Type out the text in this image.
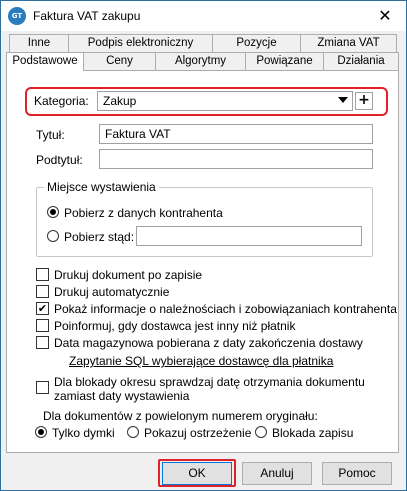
GT Faktura VAT zakupu	✕
Inne	Podpis elektroniczny	Pozycje	Zmiana VAT
Podstawowe	Ceny	Algorytmy	Powiązane	Działania
Kategoria:	Zakup	+
Tytuł:	Faktura VAT
Podtytuł:
Miejsce wystawienia
Pobierz z danych kontrahenta
Pobierz stąd:
Drukuj dokument po zapisie
Drukuj automatycznie
✔ Pokaż informacje o należnościach i zobowiązaniach kontrahenta
Poinformuj, gdy dostawca jest inny niż płatnik
Data magazynowa pobierana z daty zakończenia dostawy
Zapytanie SQL wybierające dostawcę dla płatnika
Dla blokady okresu sprawdzaj datę otrzymania dokumentu
zamiast daty wystawienia
Dla dokumentów z powielonym numerem oryginału:
Tylko dymki Pokazuj ostrzeżenie Blokada zapisu
OK	Anuluj	Pomoc
